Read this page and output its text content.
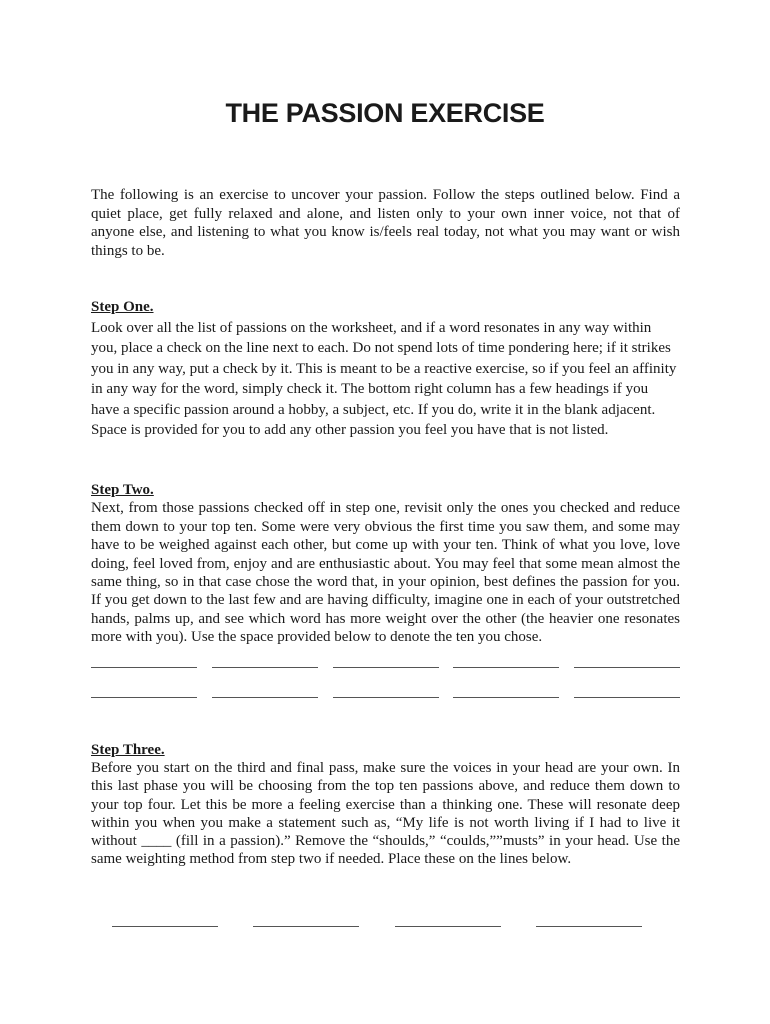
THE PASSION EXERCISE

The following is an exercise to uncover your passion. Follow the steps outlined below. Find a quiet place, get fully relaxed and alone, and listen only to your own inner voice, not that of anyone else, and listening to what you know is/feels real today, not what you may want or wish things to be.

Step One.
Look over all the list of passions on the worksheet, and if a word resonates in any way within you, place a check on the line next to each. Do not spend lots of time pondering here; if it strikes you in any way, put a check by it. This is meant to be a reactive exercise, so if you feel an affinity in any way for the word, simply check it. The bottom right column has a few headings if you have a specific passion around a hobby, a subject, etc. If you do, write it in the blank adjacent. Space is provided for you to add any other passion you feel you have that is not listed.
Step Two.
Next, from those passions checked off in step one, revisit only the ones you checked and reduce them down to your top ten. Some were very obvious the first time you saw them, and some may have to be weighed against each other, but come up with your ten. Think of what you love, love doing, feel loved from, enjoy and are enthusiastic about. You may feel that some mean almost the same thing, so in that case chose the word that, in your opinion, best defines the passion for you. If you get down to the last few and are having difficulty, imagine one in each of your outstretched hands, palms up, and see which word has more weight over the other (the heavier one resonates more with you). Use the space provided below to denote the ten you chose.
Step Three.
Before you start on the third and final pass, make sure the voices in your head are your own. In this last phase you will be choosing from the top ten passions above, and reduce them down to your top four. Let this be more a feeling exercise than a thinking one. These will resonate deep within you when you make a statement such as, “My life is not worth living if I had to live it without ____ (fill in a passion).” Remove the “shoulds,” “coulds,””musts” in your head. Use the same weighting method from step two if needed. Place these on the lines below.
